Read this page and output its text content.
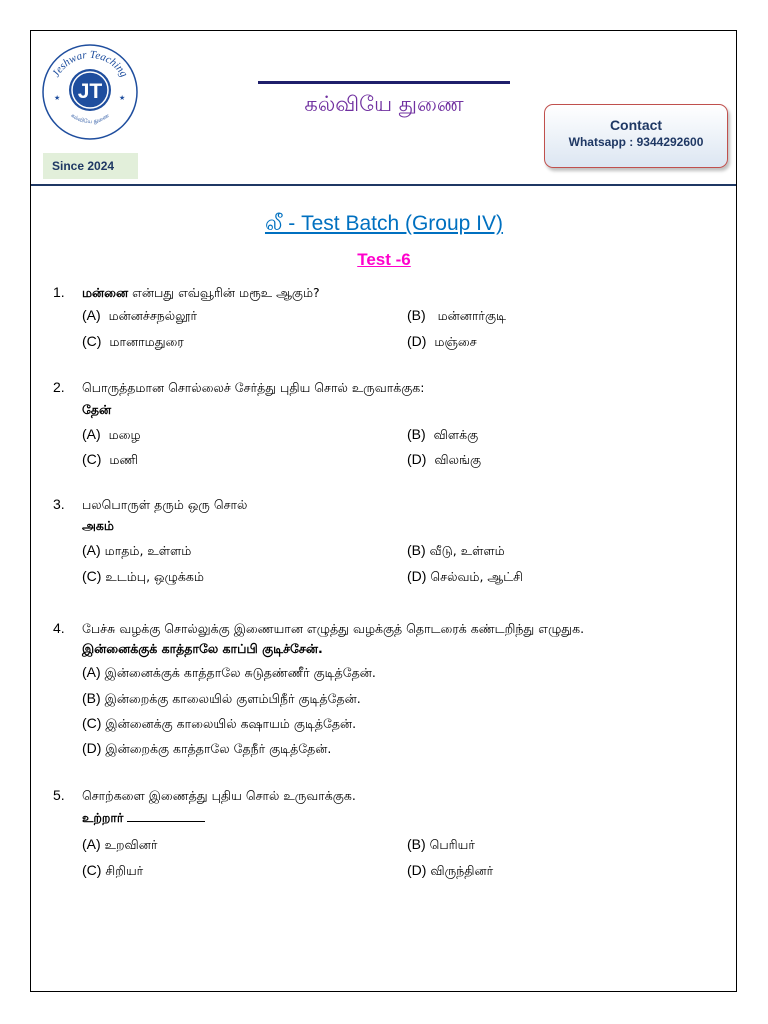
Jeshwar Teaching
கல்வியே துணை
JT
★	★
Since 2024
கல்வியே துணை
Contact
Whatsapp : 9344292600
லீ - Test Batch (Group IV)
Test -6
1. மன்னை என்பது எவ்வூரின் மரூஉ ஆகும்?
(A) மன்னச்சநல்லூர்	(B) மன்னார்குடி
(C) மானாமதுரை	(D) மஞ்சை
2. பொருத்தமான சொல்லைச் சேர்த்து புதிய சொல் உருவாக்குக:
தேன்
(A) மழை	(B) விளக்கு
(C) மணி	(D) விலங்கு
3. பலபொருள் தரும் ஒரு சொல்
அகம்
(A) மாதம், உள்ளம்	(B) வீடு, உள்ளம்
(C) உடம்பு, ஒழுக்கம்	(D) செல்வம், ஆட்சி
4. பேச்சு வழக்கு சொல்லுக்கு இணையான எழுத்து வழக்குத் தொடரைக் கண்டறிந்து எழுதுக.
இன்னைக்குக் காத்தாலே காப்பி குடிச்சேன்.
(A) இன்னைக்குக் காத்தாலே சுடுதண்ணீர் குடித்தேன்.
(B) இன்றைக்கு காலையில் குளம்பிநீர் குடித்தேன்.
(C) இன்னைக்கு காலையில் கஷாயம் குடித்தேன்.
(D) இன்றைக்கு காத்தாலே தேநீர் குடித்தேன்.
5. சொற்களை இணைத்து புதிய சொல் உருவாக்குக.
உற்றார்
(A) உறவினர்	(B) பெரியர்
(C) சிறியர்	(D) விருந்தினர்
